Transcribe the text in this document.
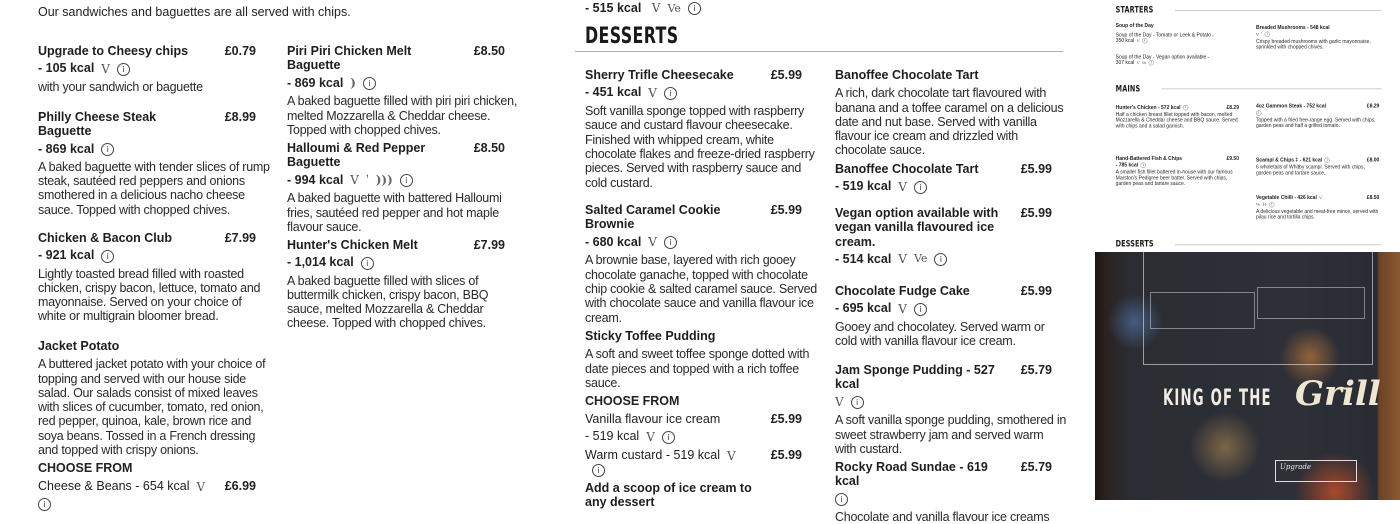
Our sandwiches and baguettes are all served with chips.
Upgrade to Cheesy chips	£0.79
- 105 kcal V i
with your sandwich or baguette
Philly Cheese Steak Baguette
£8.99
- 869 kcal i
A baked baguette with tender slices of rump steak, sautéed red peppers and onions smothered in a delicious nacho cheese sauce. Topped with chopped chives.
Chicken & Bacon Club	£7.99
- 921 kcal i
Lightly toasted bread filled with roasted chicken, crispy bacon, lettuce, tomato and mayonnaise. Served on your choice of white or multigrain bloomer bread.
Jacket Potato
A buttered jacket potato with your choice of topping and served with our house side salad. Our salads consist of mixed leaves with slices of cucumber, tomato, red onion, red pepper, quinoa, kale, brown rice and soya beans. Tossed in a French dressing and topped with crispy onions.
CHOOSE FROM
Cheese & Beans - 654 kcal V	£6.99
i
Piri Piri Chicken Melt Baguette
£8.50
- 869 kcal ) i
A baked baguette filled with piri piri chicken, melted Mozzarella & Cheddar cheese. Topped with chopped chives.
Halloumi & Red Pepper Baguette
£8.50
- 994 kcal V ʼ ))) i
A baked baguette with battered Halloumi fries, sautéed red pepper and hot maple flavour sauce.
Hunter's Chicken Melt	£7.99
- 1,014 kcal i
A baked baguette filled with slices of buttermilk chicken, crispy bacon, BBQ sauce, melted Mozzarella & Cheddar cheese. Topped with chopped chives.
- 515 kcal V Ve i
DESSERTS
Sherry Trifle Cheesecake	£5.99
- 451 kcal V i
Soft vanilla sponge topped with raspberry sauce and custard flavour cheesecake. Finished with whipped cream, white chocolate flakes and freeze-dried raspberry pieces. Served with raspberry sauce and cold custard.
Salted Caramel Cookie Brownie
£5.99
- 680 kcal V i
A brownie base, layered with rich gooey chocolate ganache, topped with chocolate chip cookie & salted caramel sauce. Served with chocolate sauce and vanilla flavour ice cream.
Sticky Toffee Pudding
A soft and sweet toffee sponge dotted with date pieces and topped with a rich toffee sauce.
CHOOSE FROM
Vanilla flavour ice cream	£5.99
- 519 kcal V i
Warm custard - 519 kcal Vi
£5.99
Add a scoop of ice cream to any dessert
Banoffee Chocolate Tart
A rich, dark chocolate tart flavoured with banana and a toffee caramel on a delicious date and nut base. Served with vanilla flavour ice cream and drizzled with chocolate sauce.
Banoffee Chocolate Tart	£5.99
- 519 kcal V i
Vegan option available with vegan vanilla flavoured ice cream.
£5.99
- 514 kcal V Ve i
Chocolate Fudge Cake	£5.99
- 695 kcal V i
Gooey and chocolatey. Served warm or cold with vanilla flavour ice cream.
Jam Sponge Pudding - 527 kcal
£5.79
V i
A soft vanilla sponge pudding, smothered in sweet strawberry jam and served warm with custard.
Rocky Road Sundae - 619 kcal
£5.79
i
Chocolate and vanilla flavour ice creams
STARTERS
Soup of the Day
Soup of the Day - Tomato or Leek & Potato - 350 kcal V i
Soup of the Day - Vegan option available - 307 kcal V Ve i
Breaded Mushrooms - 548 kcal
V ʼ i
Crispy breaded mushrooms with garlic mayonnaise, sprinkled with chopped chives.
MAINS
Hunter's Chicken - 572 kcal i	£8.29
Half a chicken breast fillet topped with bacon, melted Mozzarella & Cheddar cheese and BBQ sauce. Served with chips and a salad garnish.
Hand-Battered Fish & Chips	£9.50
- 785 kcal i
A smaller fish fillet battered in-house with our famous Marston's Pedigree beer batter. Served with chips, garden peas and tartare sauce.
4oz Gammon Steak - 752 kcal	£8.29
i
Topped with a fried free-range egg. Served with chips, garden peas and half a grilled tomato.
Scampi & Chips ‡ - 621 kcal i	£8.00
6 wholetails of Whitby scampi. Served with chips, garden peas and tartare sauce.
Vegetable Chilli - 426 kcal V	£8.50
Ve )) i
A delicious vegetable and meat-free mince, served with pilau rice and tortilla chips.
DESSERTS
KING OF THE Grill
Upgrade
